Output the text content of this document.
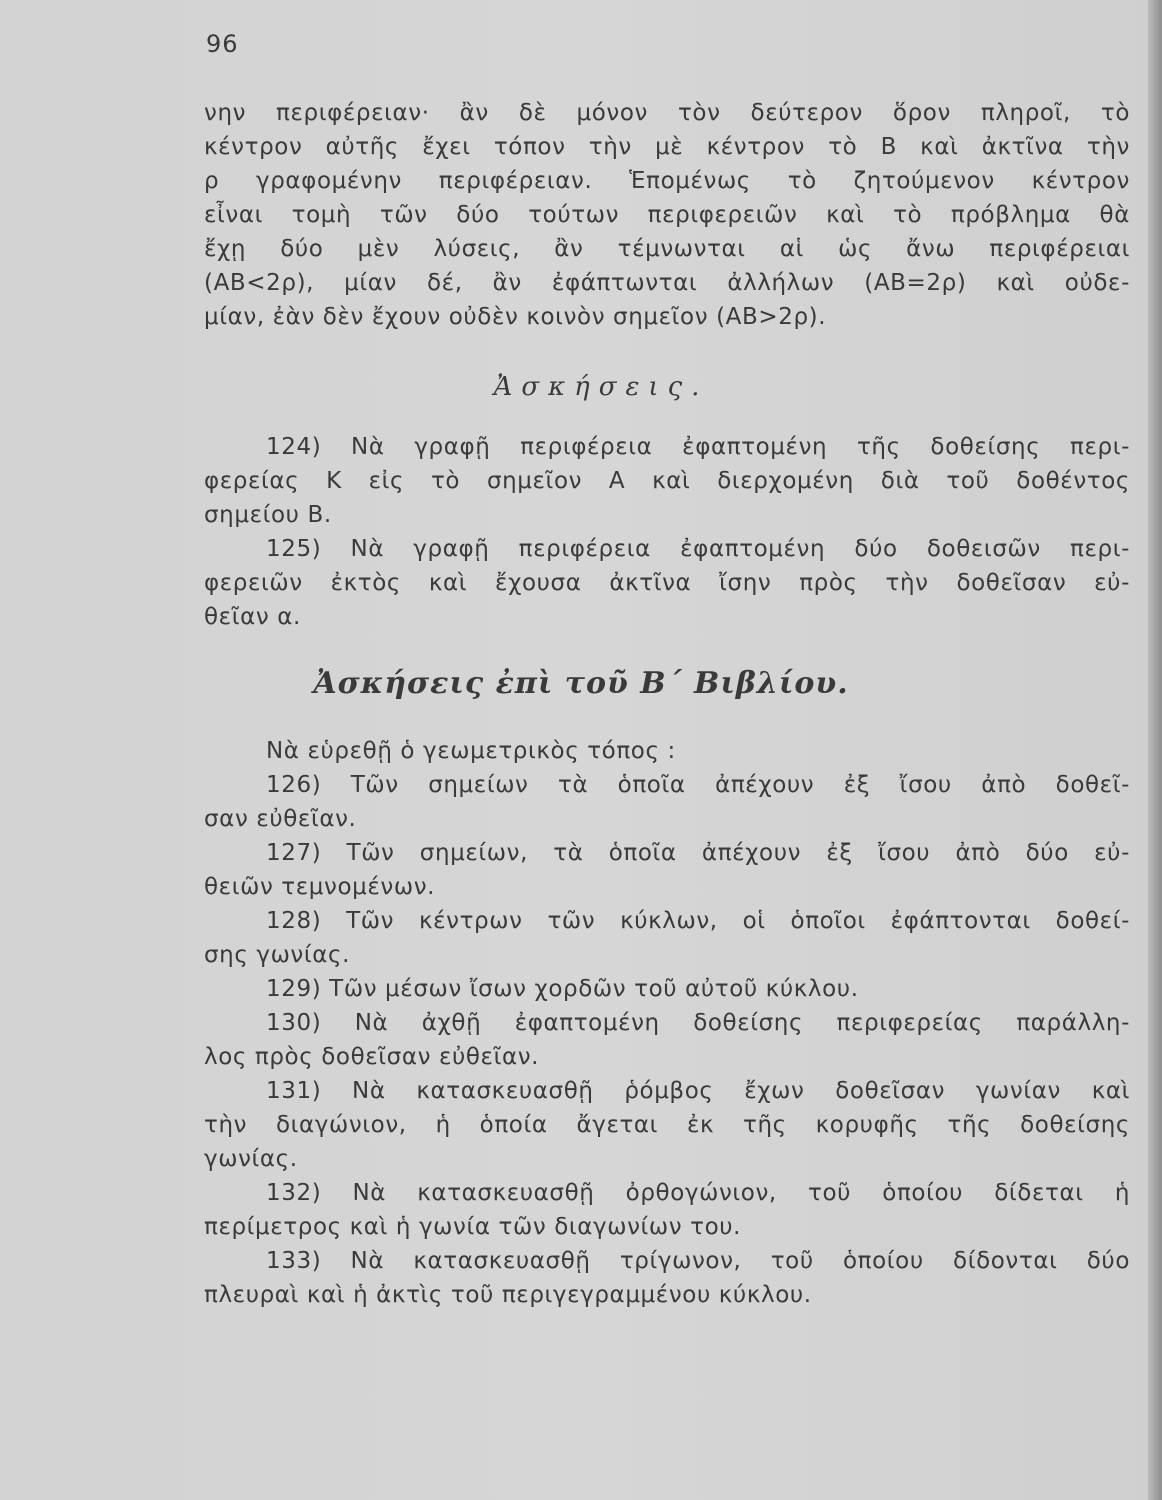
96
νην περιφέρειαν· ἂν δὲ μόνον τὸν δεύτερον ὅρον πληροῖ, τὸ
κέντρον αὐτῆς ἔχει τόπον τὴν μὲ κέντρον τὸ B καὶ ἀκτῖνα τὴν
ρ γραφομένην περιφέρειαν. Ἑπομένως τὸ ζητούμενον κέντρον
εἶναι τομὴ τῶν δύο τούτων περιφερειῶν καὶ τὸ πρόβλημα θὰ
ἔχῃ δύο μὲν λύσεις, ἂν τέμνωνται αἱ ὡς ἄνω περιφέρειαι
(AB<2ρ), μίαν δέ, ἂν ἐφάπτωνται ἀλλήλων (AB=2ρ) καὶ οὐδε-
μίαν, ἐὰν δὲν ἔχουν οὐδὲν κοινὸν σημεῖον (AB>2ρ).
Ἀσκήσεις.
124) Νὰ γραφῇ περιφέρεια ἐφαπτομένη τῆς δοθείσης περι-
φερείας K εἰς τὸ σημεῖον A καὶ διερχομένη διὰ τοῦ δοθέντος
σημείου B.
125) Νὰ γραφῇ περιφέρεια ἐφαπτομένη δύο δοθεισῶν περι-
φερειῶν ἐκτὸς καὶ ἔχουσα ἀκτῖνα ἴσην πρὸς τὴν δοθεῖσαν εὐ-
θεῖαν α.
Ἀσκήσεις ἐπὶ τοῦ Β΄ Βιβλίου.
Νὰ εὑρεθῇ ὁ γεωμετρικὸς τόπος :
126) Τῶν σημείων τὰ ὁποῖα ἀπέχουν ἐξ ἴσου ἀπὸ δοθεῖ-
σαν εὐθεῖαν.
127) Τῶν σημείων, τὰ ὁποῖα ἀπέχουν ἐξ ἴσου ἀπὸ δύο εὐ-
θειῶν τεμνομένων.
128) Τῶν κέντρων τῶν κύκλων, οἱ ὁποῖοι ἐφάπτονται δοθεί-
σης γωνίας.
129) Τῶν μέσων ἴσων χορδῶν τοῦ αὐτοῦ κύκλου.
130) Νὰ ἀχθῇ ἐφαπτομένη δοθείσης περιφερείας παράλλη-
λος πρὸς δοθεῖσαν εὐθεῖαν.
131) Νὰ κατασκευασθῇ ῥόμβος ἔχων δοθεῖσαν γωνίαν καὶ
τὴν διαγώνιον, ἡ ὁποία ἄγεται ἐκ τῆς κορυφῆς τῆς δοθείσης
γωνίας.
132) Νὰ κατασκευασθῇ ὀρθογώνιον, τοῦ ὁποίου δίδεται ἡ
περίμετρος καὶ ἡ γωνία τῶν διαγωνίων του.
133) Νὰ κατασκευασθῇ τρίγωνον, τοῦ ὁποίου δίδονται δύο
πλευραὶ καὶ ἡ ἀκτὶς τοῦ περιγεγραμμένου κύκλου.
